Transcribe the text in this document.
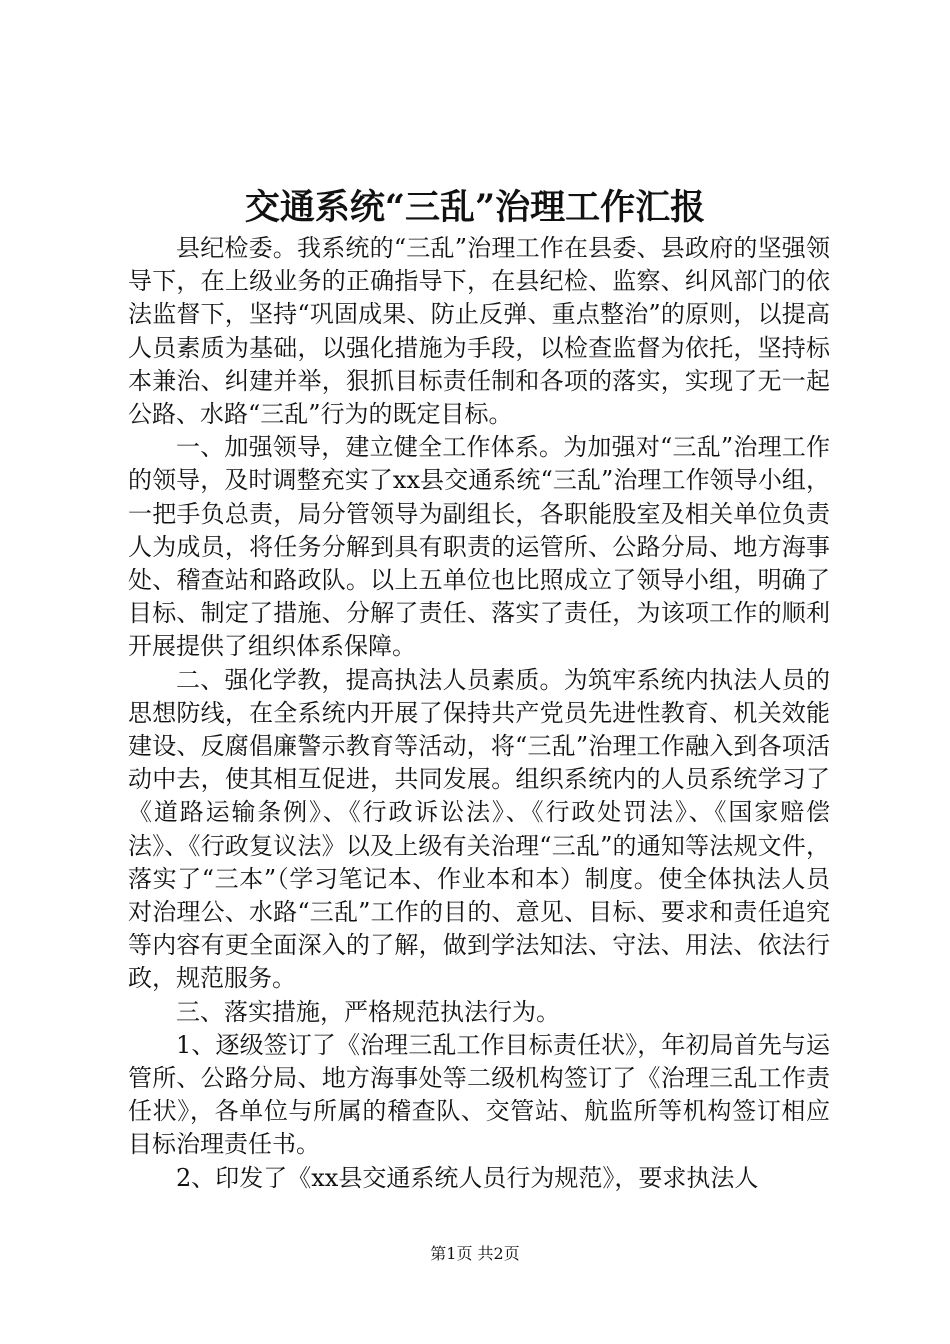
交通系统“三乱”治理工作汇报

县纪检委。我系统的“三乱”治理工作在县委、县政府的坚强领导下，在上级业务的正确指导下，在县纪检、监察、纠风部门的依法监督下，坚持“巩固成果、防止反弹、重点整治”的原则，以提高人员素质为基础，以强化措施为手段，以检查监督为依托，坚持标本兼治、纠建并举，狠抓目标责任制和各项的落实，实现了无一起公路、水路“三乱”行为的既定目标。

一、加强领导，建立健全工作体系。为加强对“三乱”治理工作的领导，及时调整充实了xx县交通系统“三乱”治理工作领导小组，一把手负总责，局分管领导为副组长，各职能股室及相关单位负责人为成员，将任务分解到具有职责的运管所、公路分局、地方海事处、稽查站和路政队。以上五单位也比照成立了领导小组，明确了目标、制定了措施、分解了责任、落实了责任，为该项工作的顺利开展提供了组织体系保障。

二、强化学教，提高执法人员素质。为筑牢系统内执法人员的思想防线，在全系统内开展了保持共产党员先进性教育、机关效能建设、反腐倡廉警示教育等活动，将“三乱”治理工作融入到各项活动中去，使其相互促进，共同发展。组织系统内的人员系统学习了《道路运输条例》、《行政诉讼法》、《行政处罚法》、《国家赔偿法》、《行政复议法》以及上级有关治理“三乱”的通知等法规文件，落实了“三本”（学习笔记本、作业本和本）制度。使全体执法人员对治理公、水路“三乱”工作的目的、意见、目标、要求和责任追究等内容有更全面深入的了解，做到学法知法、守法、用法、依法行政，规范服务。

三、落实措施，严格规范执法行为。

1、逐级签订了《治理三乱工作目标责任状》，年初局首先与运管所、公路分局、地方海事处等二级机构签订了《治理三乱工作责任状》，各单位与所属的稽查队、交管站、航监所等机构签订相应目标治理责任书。

2、印发了《xx县交通系统人员行为规范》，要求执法人

第1页 共2页
